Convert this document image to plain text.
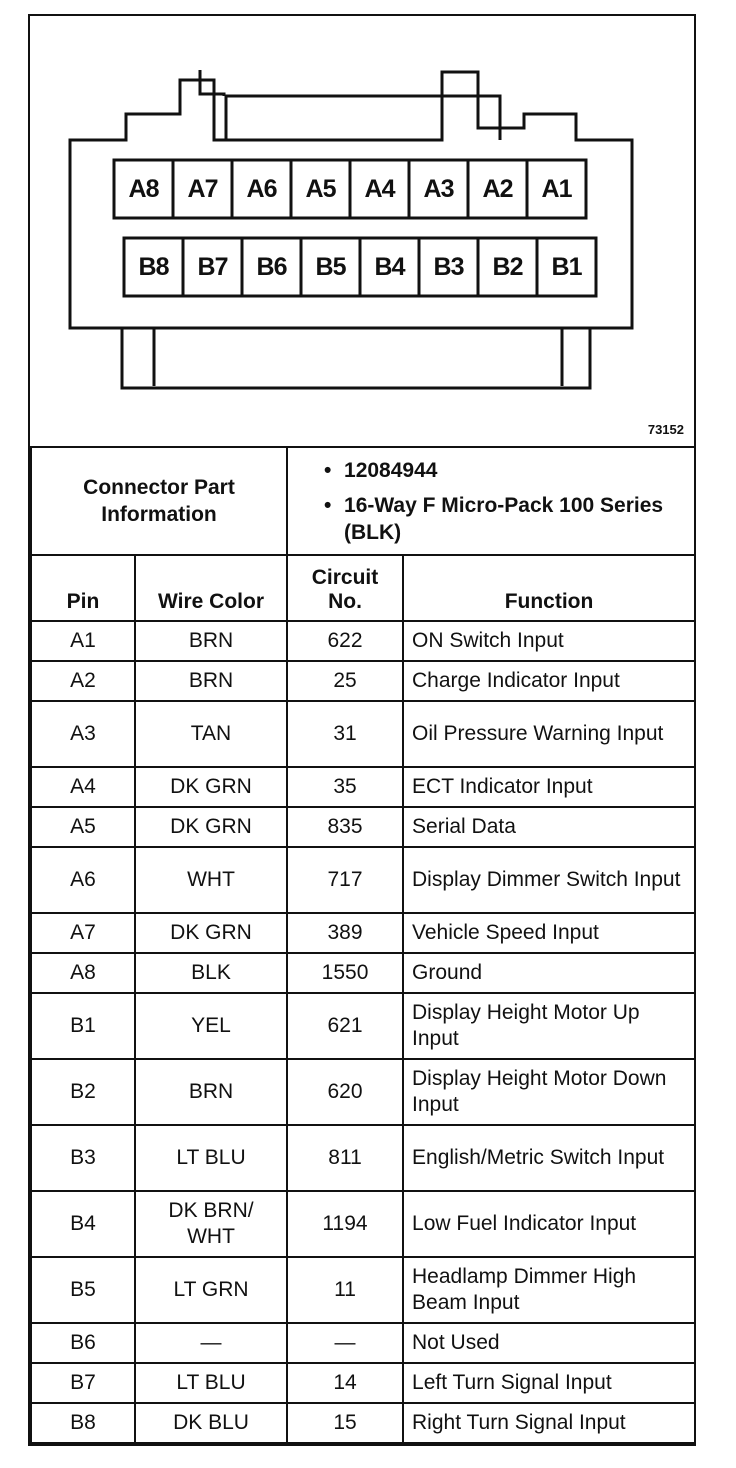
A8	A7	A6	A5	A4	A3	A2	A1
B8	B7	B6	B5	B4	B3	B2	B1
73152
Connector Part Information		• 12084944
• 16-Way F Micro-Pack 100 Series (BLK)	

Pin	Wire Color	Circuit No.	Function
A1	BRN	622	ON Switch Input
A2	BRN	25	Charge Indicator Input
A3	TAN	31	Oil Pressure Warning Input
A4	DK GRN	35	ECT Indicator Input
A5	DK GRN	835	Serial Data
A6	WHT	717	Display Dimmer Switch Input
A7	DK GRN	389	Vehicle Speed Input
A8	BLK	1550	Ground
B1	YEL	621	Display Height Motor Up Input
B2	BRN	620	Display Height Motor Down Input
B3	LT BLU	811	English/Metric Switch Input
B4	DK BRN/ WHT	1194	Low Fuel Indicator Input
B5	LT GRN	11	Headlamp Dimmer High Beam Input
B6	—	—	Not Used
B7	LT BLU	14	Left Turn Signal Input
B8	DK BLU	15	Right Turn Signal Input
